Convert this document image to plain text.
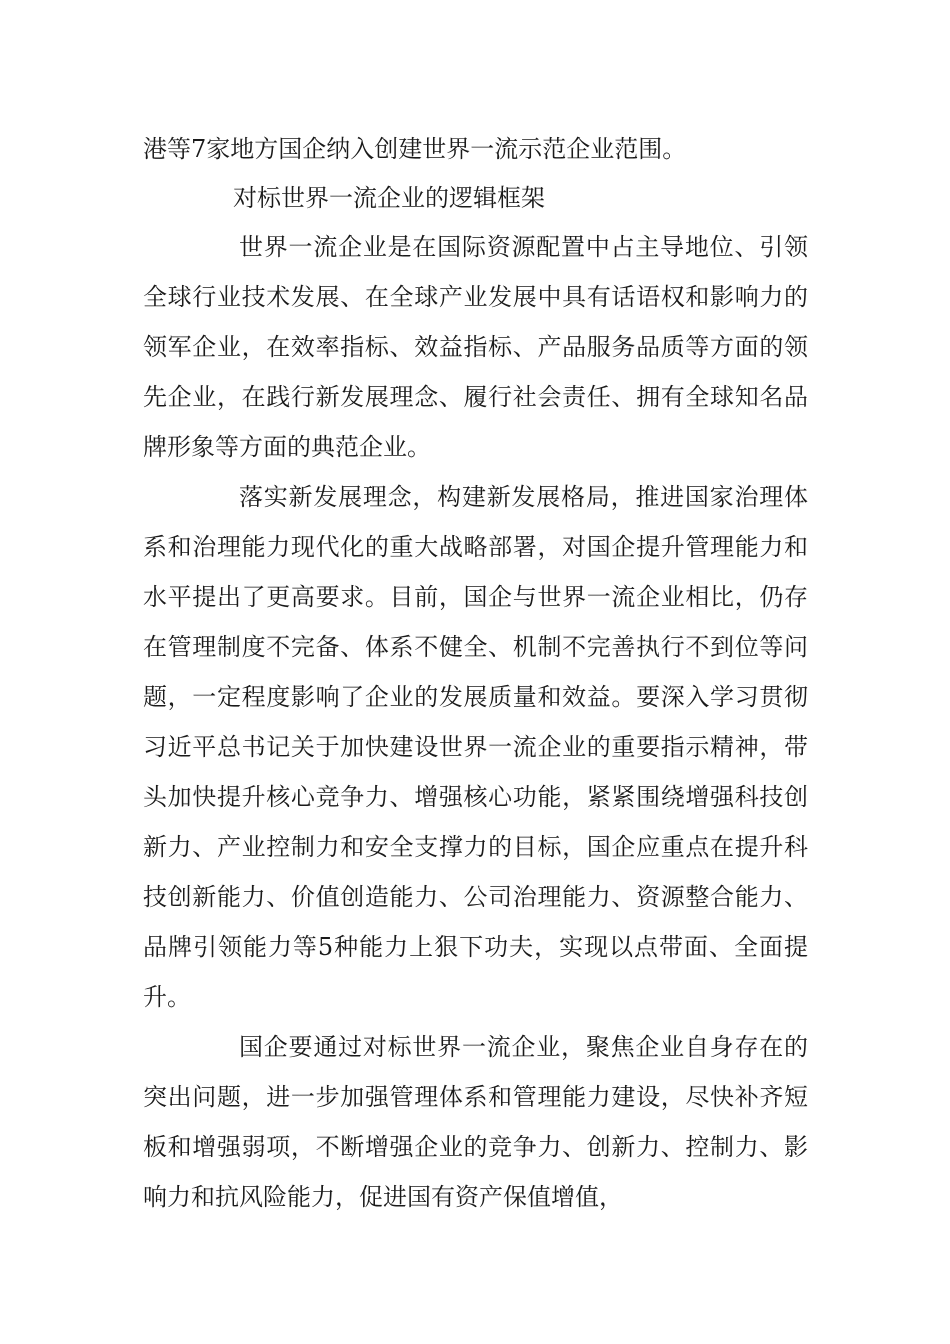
港等7家地方国企纳入创建世界一流示范企业范围。

对标世界一流企业的逻辑框架

世界一流企业是在国际资源配置中占主导地位、引领全球行业技术发展、在全球产业发展中具有话语权和影响力的领军企业，在效率指标、效益指标、产品服务品质等方面的领先企业，在践行新发展理念、履行社会责任、拥有全球知名品牌形象等方面的典范企业。

落实新发展理念，构建新发展格局，推进国家治理体系和治理能力现代化的重大战略部署，对国企提升管理能力和水平提出了更高要求。目前，国企与世界一流企业相比，仍存在管理制度不完备、体系不健全、机制不完善执行不到位等问题，一定程度影响了企业的发展质量和效益。要深入学习贯彻习近平总书记关于加快建设世界一流企业的重要指示精神，带头加快提升核心竞争力、增强核心功能，紧紧围绕增强科技创新力、产业控制力和安全支撑力的目标，国企应重点在提升科技创新能力、价值创造能力、公司治理能力、资源整合能力、品牌引领能力等5种能力上狠下功夫，实现以点带面、全面提升。

国企要通过对标世界一流企业，聚焦企业自身存在的突出问题，进一步加强管理体系和管理能力建设，尽快补齐短板和增强弱项，不断增强企业的竞争力、创新力、控制力、影响力和抗风险能力，促进国有资产保值增值，
